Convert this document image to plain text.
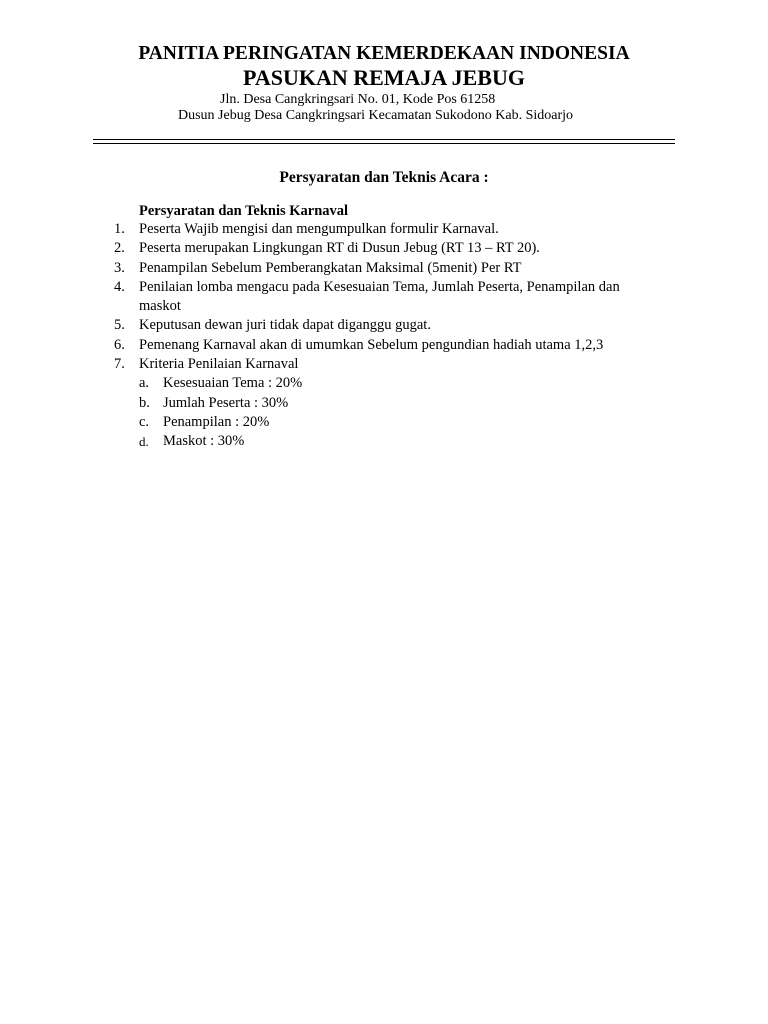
PANITIA PERINGATAN KEMERDEKAAN INDONESIA
PASUKAN REMAJA JEBUG
Jln. Desa Cangkringsari No. 01, Kode Pos 61258
Dusun Jebug Desa Cangkringsari Kecamatan Sukodono Kab. Sidoarjo
Persyaratan dan Teknis Acara :
Persyaratan dan Teknis Karnaval
1. Peserta Wajib mengisi dan mengumpulkan formulir Karnaval.
2. Peserta merupakan Lingkungan RT di Dusun Jebug (RT 13 – RT 20).
3. Penampilan Sebelum Pemberangkatan Maksimal (5menit) Per RT
4. Penilaian lomba mengacu pada Kesesuaian Tema, Jumlah Peserta, Penampilan dan maskot
5. Keputusan dewan juri tidak dapat diganggu gugat.
6. Pemenang Karnaval akan di umumkan Sebelum pengundian hadiah utama 1,2,3
7. Kriteria Penilaian Karnaval
a. Kesesuaian Tema : 20%
b. Jumlah Peserta : 30%
c. Penampilan : 20%
d. Maskot : 30%
